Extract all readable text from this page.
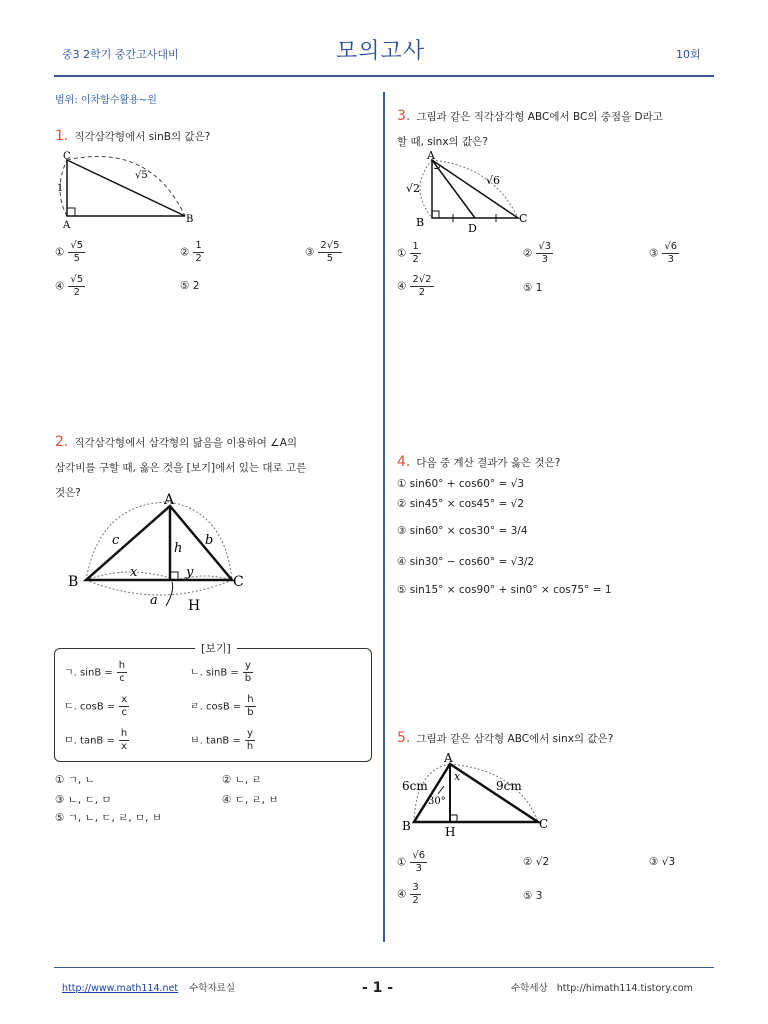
중3 2학기 중간고사대비	모의고사	10회
범위: 이차함수활용~원
1. 직각삼각형에서 sinB의 값은?
C
A
B
1
√5
① $\frac{√5}{5}$	② $\frac{1}{2}$	③ $\frac{2√5}{5}$
④ $\frac{√5}{2}$	⑤ 2
2. 직각삼각형에서 삼각형의 닮음을 이용하여 ∠A의
삼각비를 구할 때, 옳은 것을 [보기]에서 있는 대로 고른
것은?	A
B	C
H
a
b
c
h
x	y
[보기]
ㄱ. $\sin B = \frac{h}{c}$	ㄴ. $\sin B = \frac{y}{b}$
ㄷ. $\cos B = \frac{x}{c}$	ㄹ. $\cos B = \frac{h}{b}$
ㅁ. $\tan B = \frac{h}{x}$	ㅂ. $\tan B = \frac{y}{h}$
① ㄱ, ㄴ	② ㄴ, ㄹ
③ ㄴ, ㄷ, ㅁ	④ ㄷ, ㄹ, ㅂ
⑤ ㄱ, ㄴ, ㄷ, ㄹ, ㅁ, ㅂ
3. 그림과 같은 직각삼각형 ABC에서 BC의 중점을 D라고
할 때, sinx의 값은?
A
B	C
D
√2
√6
① $\frac{1}{2}$	② $\frac{√3}{3}$	③ $\frac{√6}{3}$
④ $\frac{2√2}{2}$	⑤ 1
4. 다음 중 계산 결과가 옳은 것은?
① sin60° + cos60° = √3
② sin45° × cos45° = √2
③ sin60° × cos30° = 3/4
④ sin30° − cos60° = √3/2
⑤ sin15° × cos90° + sin0° × cos75° = 1
5. 그림과 같은 삼각형 ABC에서 sinx의 값은?
A
B	C
H
6cm	9cm
30°
x
① $\frac{√6}{3}$	② √2	③ √3
④ $\frac{3}{2}$	⑤ 3
http://www.math114.net 수학자료실	- 1 -	수학세상 http://himath114.tistory.com
